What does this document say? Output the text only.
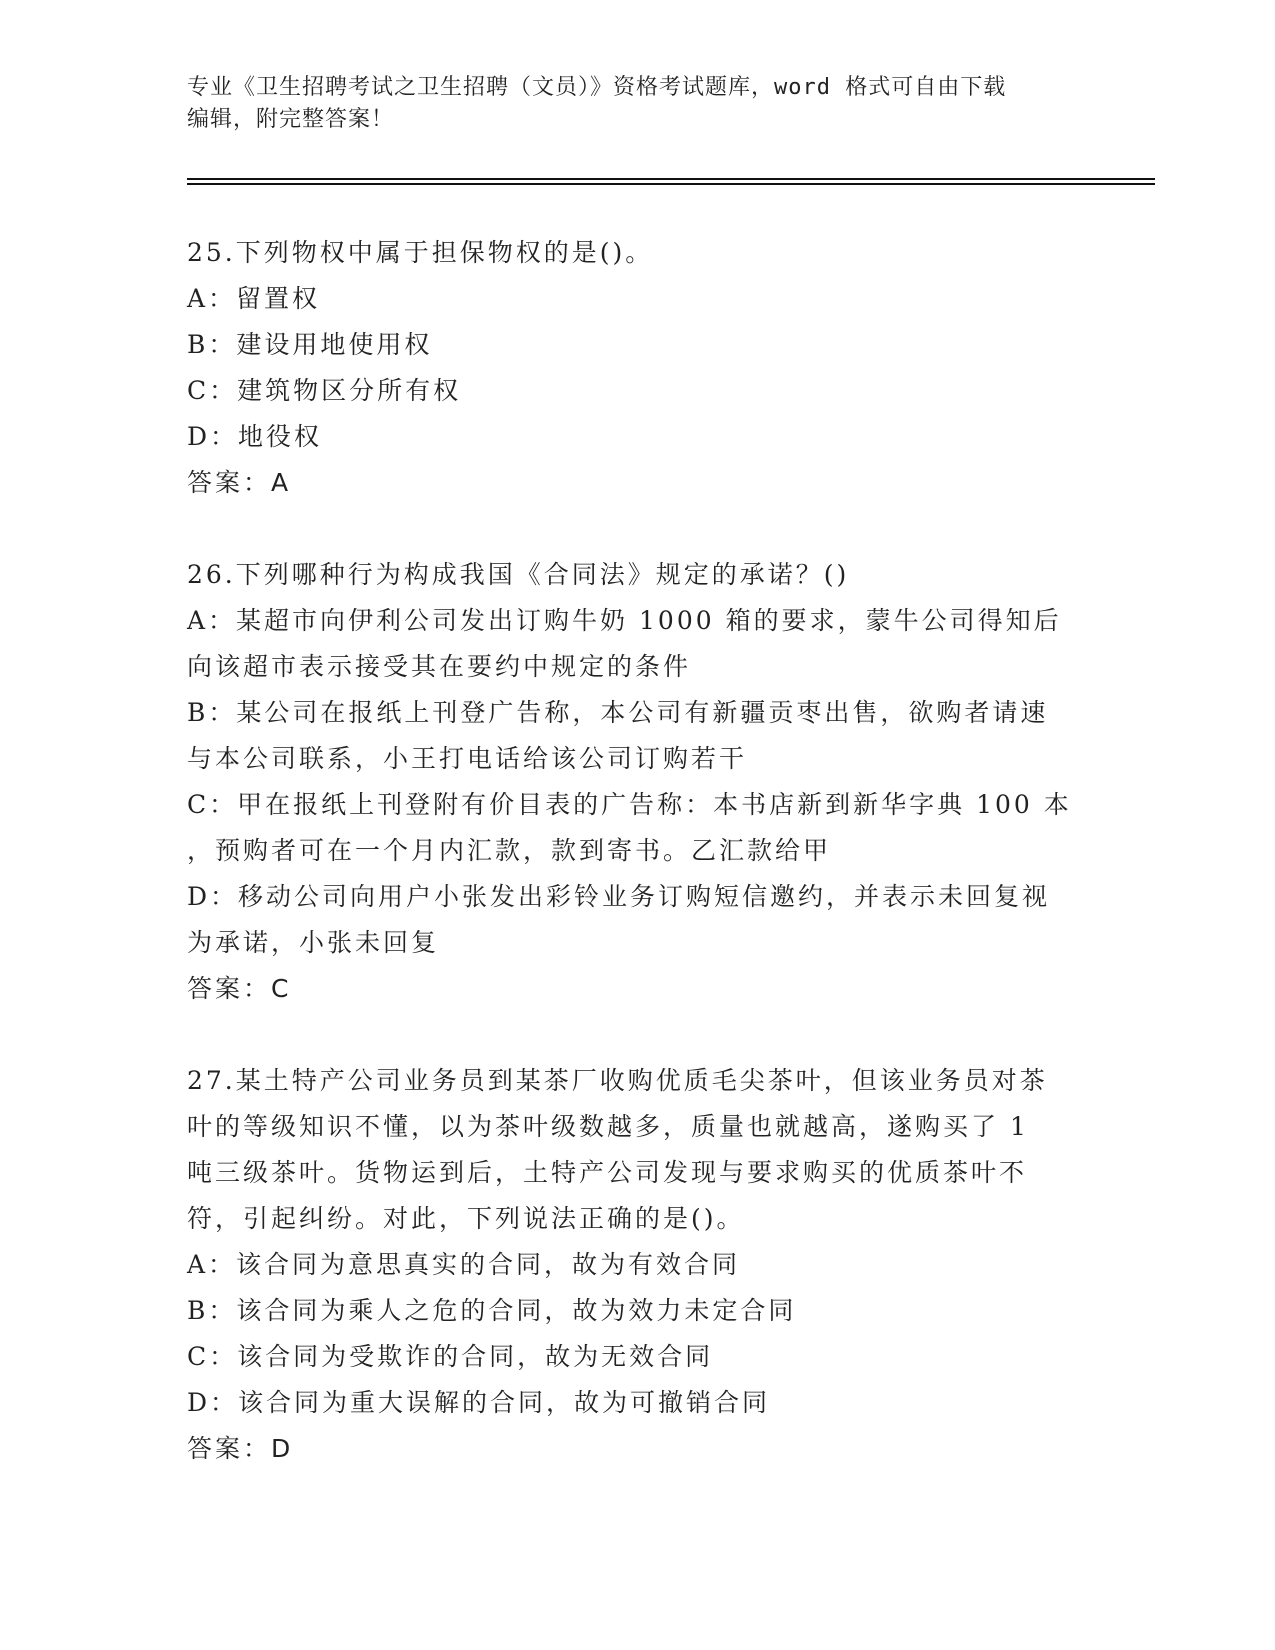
专业《卫生招聘考试之卫生招聘（文员）》资格考试题库，word 格式可自由下载
编辑，附完整答案！
25.下列物权中属于担保物权的是()。
A：留置权
B：建设用地使用权
C：建筑物区分所有权
D：地役权
答案：A
26.下列哪种行为构成我国《合同法》规定的承诺？()
A：某超市向伊利公司发出订购牛奶 1000 箱的要求，蒙牛公司得知后
向该超市表示接受其在要约中规定的条件
B：某公司在报纸上刊登广告称，本公司有新疆贡枣出售，欲购者请速
与本公司联系，小王打电话给该公司订购若干
C：甲在报纸上刊登附有价目表的广告称：本书店新到新华字典 100 本
，预购者可在一个月内汇款，款到寄书。乙汇款给甲
D：移动公司向用户小张发出彩铃业务订购短信邀约，并表示未回复视
为承诺，小张未回复
答案：C
27.某土特产公司业务员到某茶厂收购优质毛尖茶叶，但该业务员对茶
叶的等级知识不懂，以为茶叶级数越多，质量也就越高，遂购买了 1
吨三级茶叶。货物运到后，土特产公司发现与要求购买的优质茶叶不
符，引起纠纷。对此，下列说法正确的是()。
A：该合同为意思真实的合同，故为有效合同
B：该合同为乘人之危的合同，故为效力未定合同
C：该合同为受欺诈的合同，故为无效合同
D：该合同为重大误解的合同，故为可撤销合同
答案：D
